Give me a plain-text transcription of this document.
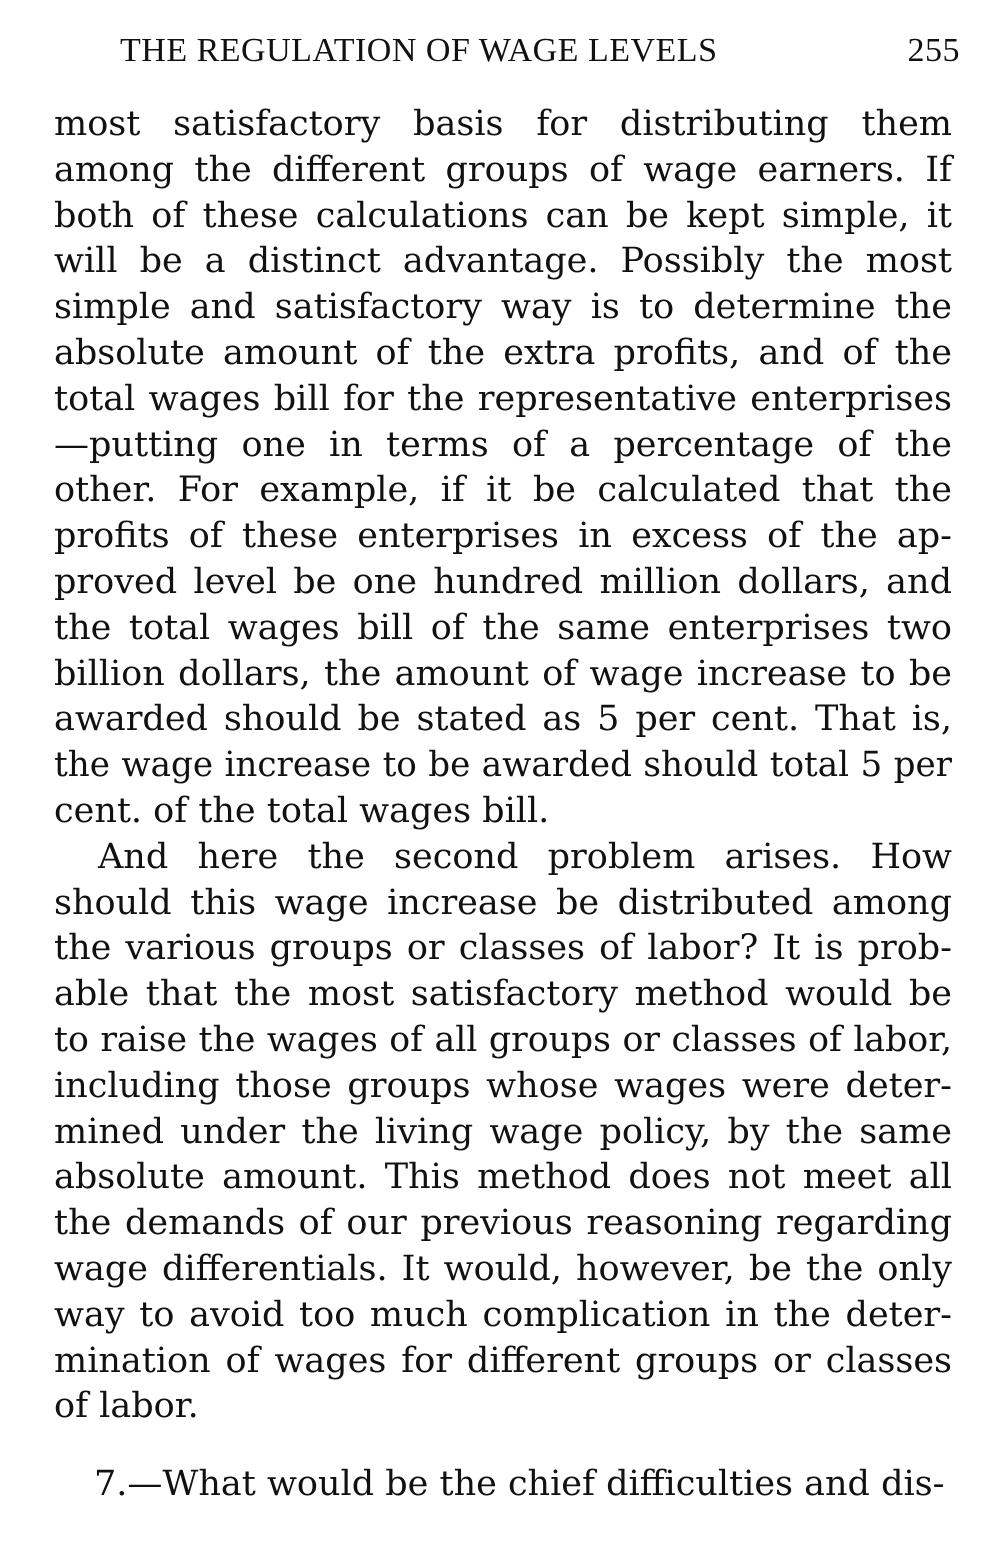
THE REGULATION OF WAGE LEVELS	255
most satisfactory basis for distributing them
among the different groups of wage earners. If
both of these calculations can be kept simple, it
will be a distinct advantage. Possibly the most
simple and satisfactory way is to determine the
absolute amount of the extra profits, and of the
total wages bill for the representative enterprises
—putting one in terms of a percentage of the
other. For example, if it be calculated that the
profits of these enterprises in excess of the ap-
proved level be one hundred million dollars, and
the total wages bill of the same enterprises two
billion dollars, the amount of wage increase to be
awarded should be stated as 5 per cent. That is,
the wage increase to be awarded should total 5 per
cent. of the total wages bill.
And here the second problem arises. How
should this wage increase be distributed among
the various groups or classes of labor? It is prob-
able that the most satisfactory method would be
to raise the wages of all groups or classes of labor,
including those groups whose wages were deter-
mined under the living wage policy, by the same
absolute amount. This method does not meet all
the demands of our previous reasoning regarding
wage differentials. It would, however, be the only
way to avoid too much complication in the deter-
mination of wages for different groups or classes
of labor.
7.—What would be the chief difficulties and dis-
